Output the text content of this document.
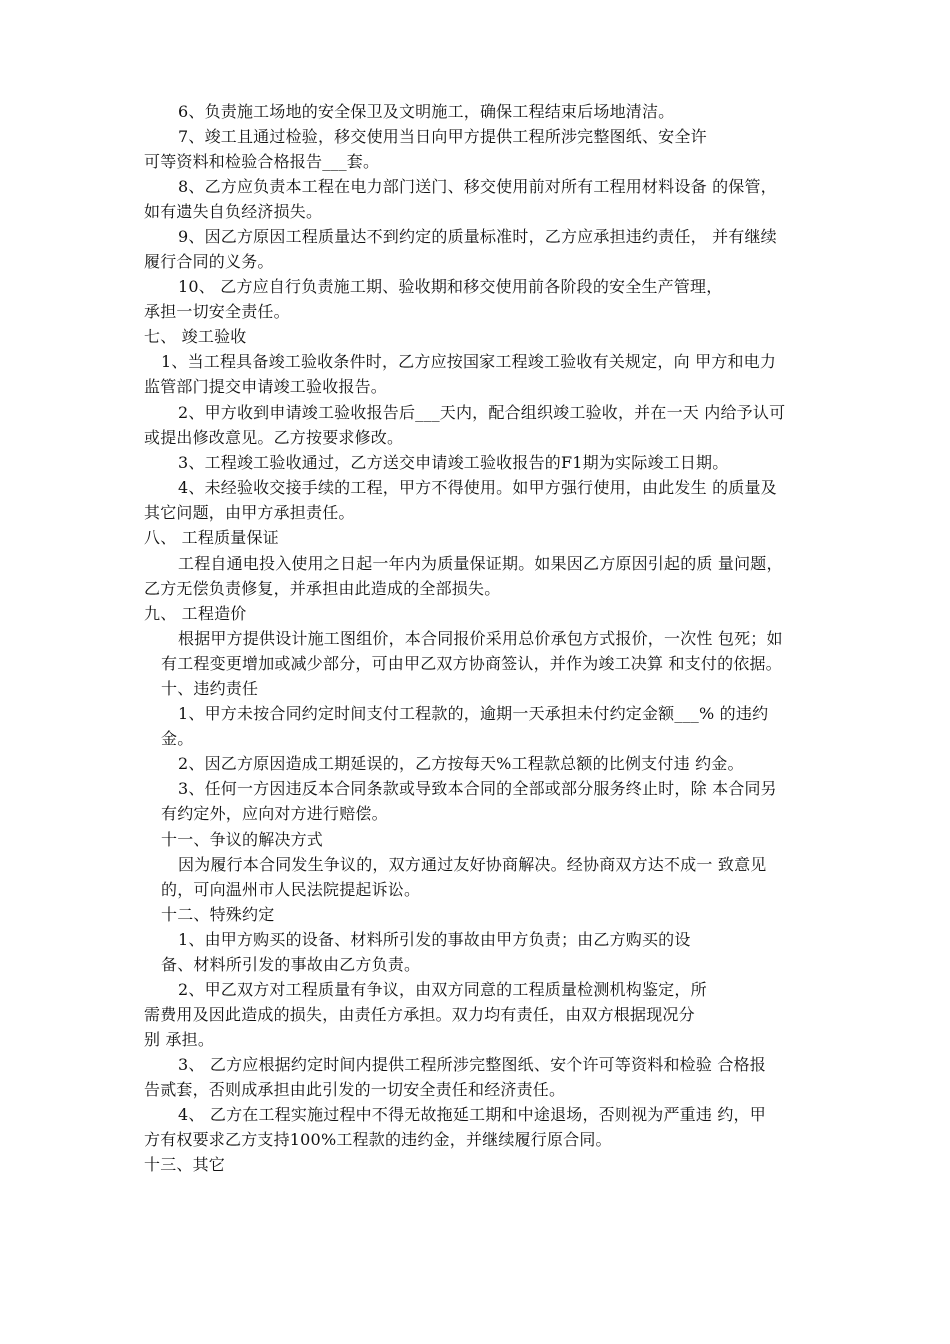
6、负责施工场地的安全保卫及文明施工，确保工程结束后场地清洁。
7、竣工且通过检验，移交使用当日向甲方提供工程所涉完整图纸、安全许
可等资料和检验合格报告___套。
8、乙方应负责本工程在电力部门送门、移交使用前对所有工程用材料设备 的保管，
如有遗失自负经济损失。
9、因乙方原因工程质量达不到约定的质量标准时，乙方应承担违约责任， 并有继续
履行合同的义务。
10、 乙方应自行负责施工期、验收期和移交使用前各阶段的安全生产管理，
承担一切安全责任。
七、 竣工验收
1、当工程具备竣工验收条件时，乙方应按国家工程竣工验收有关规定，向 甲方和电力
监管部门提交申请竣工验收报告。
2、甲方收到申请竣工验收报告后___天内，配合组织竣工验收，并在一天 内给予认可
或提出修改意见。乙方按要求修改。
3、工程竣工验收通过，乙方送交申请竣工验收报告的F1期为实际竣工日期。
4、未经验收交接手续的工程，甲方不得使用。如甲方强行使用，由此发生 的质量及
其它问题，由甲方承担责任。
八、 工程质量保证
工程自通电投入使用之日起一年内为质量保证期。如果因乙方原因引起的质 量问题，
乙方无偿负责修复，并承担由此造成的全部损失。
九、 工程造价
根据甲方提供设计施工图组价，本合同报价采用总价承包方式报价，一次性 包死；如
有工程变更增加或减少部分，可由甲乙双方协商签认，并作为竣工决算 和支付的依据。
十、违约责任
1、甲方未按合同约定时间支付工程款的，逾期一天承担未付约定金额___% 的违约
金。
2、因乙方原因造成工期延误的，乙方按每天%工程款总额的比例支付违 约金。
3、任何一方因违反本合同条款或导致本合同的全部或部分服务终止时，除 本合同另
有约定外，应向对方进行赔偿。
十一、争议的解决方式
因为履行本合同发生争议的，双方通过友好协商解决。经协商双方达不成一 致意见
的，可向温州市人民法院提起诉讼。
十二、特殊约定
1、由甲方购买的设备、材料所引发的事故由甲方负责；由乙方购买的设
备、材料所引发的事故由乙方负责。
2、甲乙双方对工程质量有争议，由双方同意的工程质量检测机构鉴定，所
需费用及因此造成的损失，由责任方承担。双力均有责任，由双方根据现况分
别 承担。
3、 乙方应根据约定时间内提供工程所涉完整图纸、安个许可等资料和检验 合格报
告贰套，否则成承担由此引发的一切安全责任和经济责任。
4、 乙方在工程实施过程中不得无故拖延工期和中途退场，否则视为严重违 约，甲
方有权要求乙方支持100%工程款的违约金，并继续履行原合同。
十三、其它
